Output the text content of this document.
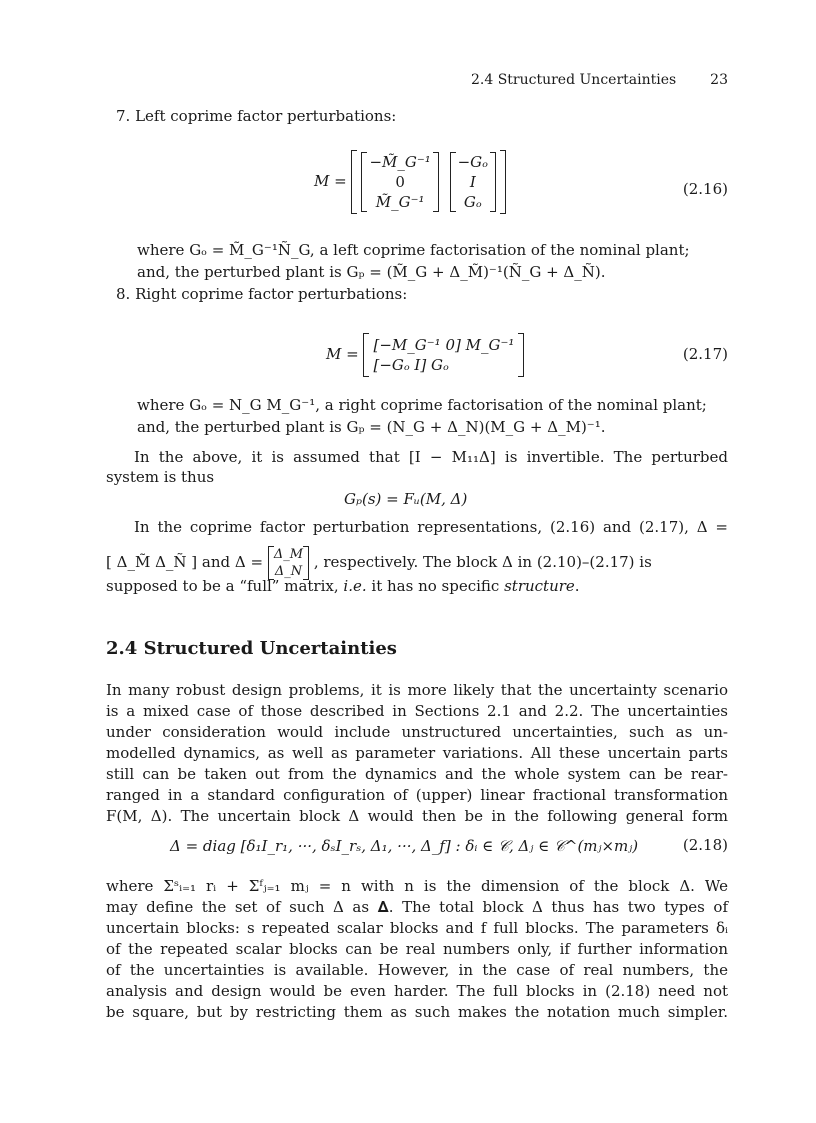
2.4 Structured Uncertainties 23
7. Left coprime factor perturbations:
M =
−M̃_G⁻¹
0
M̃_G⁻¹

−Gₒ
I
Gₒ
(2.16)
where Gₒ = M̃_G⁻¹Ñ_G, a left coprime factorisation of the nominal plant;
and, the perturbed plant is Gₚ = (M̃_G + Δ_M̃)⁻¹(Ñ_G + Δ_Ñ).
8. Right coprime factor perturbations:
M = [−M_G⁻¹ 0] M_G⁻¹
[−Gₒ I] Gₒ
(2.17)
where Gₒ = N_G M_G⁻¹, a right coprime factorisation of the nominal plant;
and, the perturbed plant is Gₚ = (N_G + Δ_N)(M_G + Δ_M)⁻¹.
In the above, it is assumed that [I − M₁₁Δ] is invertible. The perturbed
system is thus
Gₚ(s) = Fᵤ(M, Δ)
In the coprime factor perturbation representations, (2.16) and (2.17), Δ =
[ Δ_M̃ Δ_Ñ ] and Δ = Δ_M
Δ_N
, respectively. The block Δ in (2.10)–(2.17) is
supposed to be a “full” matrix, i.e. it has no specific structure.
2.4 Structured Uncertainties
In many robust design problems, it is more likely that the uncertainty scenario
is a mixed case of those described in Sections 2.1 and 2.2. The uncertainties
under consideration would include unstructured uncertainties, such as un-
modelled dynamics, as well as parameter variations. All these uncertain parts
still can be taken out from the dynamics and the whole system can be rear-
ranged in a standard configuration of (upper) linear fractional transformation
F(M, Δ). The uncertain block Δ would then be in the following general form
Δ = diag [δ₁I_r₁, ···, δₛI_rₛ, Δ₁, ···, Δ_f] : δᵢ ∈ 𝒞, Δⱼ ∈ 𝒞^(mⱼ×mⱼ)	(2.18)
where Σˢᵢ₌₁ rᵢ + Σᶠⱼ₌₁ mⱼ = n with n is the dimension of the block Δ. We
may define the set of such Δ as 𝚫. The total block Δ thus has two types of
uncertain blocks: s repeated scalar blocks and f full blocks. The parameters δᵢ
of the repeated scalar blocks can be real numbers only, if further information
of the uncertainties is available. However, in the case of real numbers, the
analysis and design would be even harder. The full blocks in (2.18) need not
be square, but by restricting them as such makes the notation much simpler.
